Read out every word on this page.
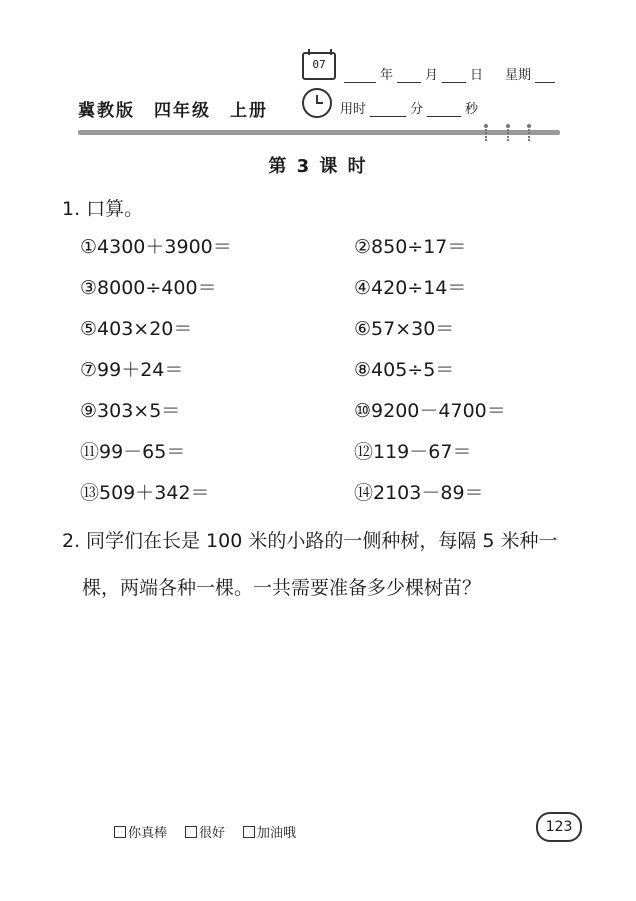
07
年 月 日 星期
冀教版　四年级　上册	用时	分	秒
第 3 课 时
1. 口算。
①4300＋3900＝	②850÷17＝
③8000÷400＝	④420÷14＝
⑤403×20＝	⑥57×30＝
⑦99＋24＝	⑧405÷5＝
⑨303×5＝	⑩9200－4700＝
⑪99－65＝	⑫119－67＝
⑬509＋342＝	⑭2103－89＝
2. 同学们在长是 100 米的小路的一侧种树，每隔 5 米种一
棵，两端各种一棵。一共需要准备多少棵树苗？
你真棒 很好 加油哦	123
